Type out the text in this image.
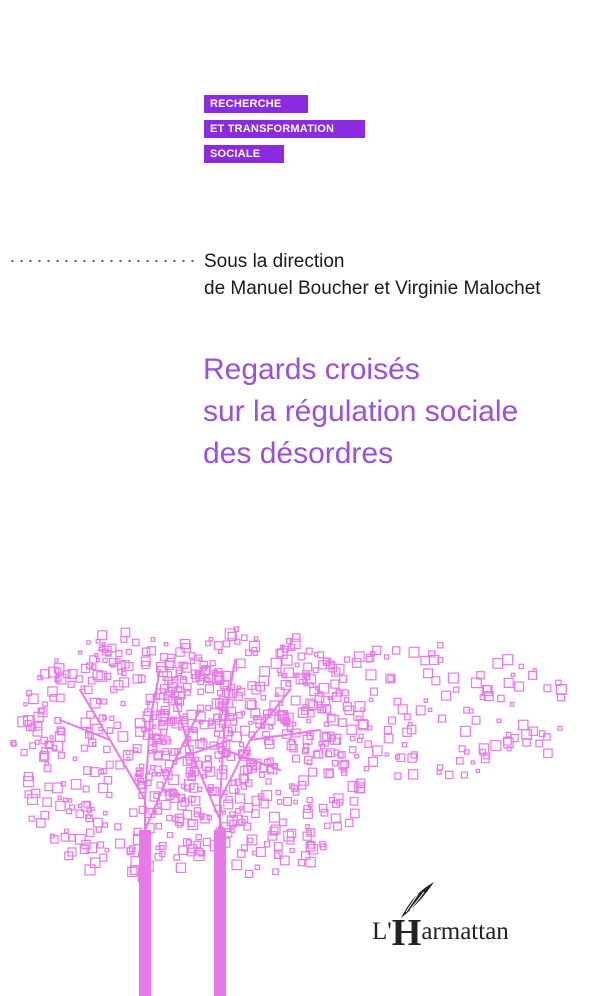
RECHERCHE
ET TRANSFORMATION
SOCIALE
Sous la direction
de Manuel Boucher et Virginie Malochet
Regards croisés
sur la régulation sociale
des désordres
L'Harmattan
